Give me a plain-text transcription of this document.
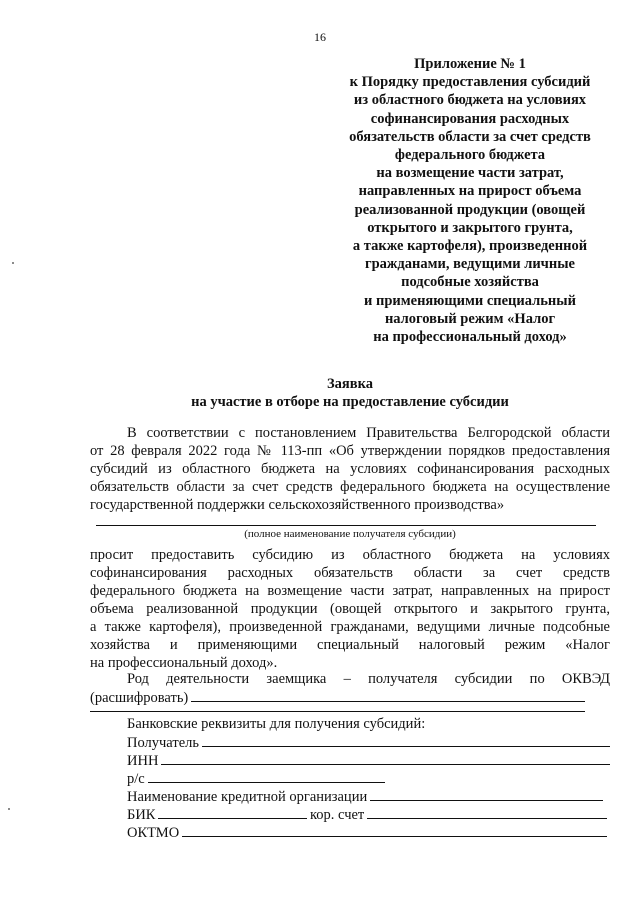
16
Приложение № 1
к Порядку предоставления субсидий
из областного бюджета на условиях
софинансирования расходных
обязательств области за счет средств
федерального бюджета
на возмещение части затрат,
направленных на прирост объема
реализованной продукции (овощей
открытого и закрытого грунта,
а также картофеля), произведенной
гражданами, ведущими личные
подсобные хозяйства
и применяющими специальный
налоговый режим «Налог
на профессиональный доход»
Заявка
на участие в отборе на предоставление субсидии
В соответствии с постановлением Правительства Белгородской области
от 28 февраля 2022 года № 113-пп «Об утверждении порядков предоставления
субсидий из областного бюджета на условиях софинансирования расходных
обязательств области за счет средств федерального бюджета на осуществление
государственной поддержки сельскохозяйственного производства»
(полное наименование получателя субсидии)
просит предоставить субсидию из областного бюджета на условиях
софинансирования расходных обязательств области за счет средств
федерального бюджета на возмещение части затрат, направленных на прирост
объема реализованной продукции (овощей открытого и закрытого грунта,
а также картофеля), произведенной гражданами, ведущими личные подсобные
хозяйства и применяющими специальный налоговый режим «Налог
на профессиональный доход».
Род деятельности заемщика – получателя субсидии по ОКВЭД
(расшифровать)
Банковские реквизиты для получения субсидий:
Получатель
ИНН
р/с
Наименование кредитной организации
БИК	кор. счет
ОКТМО
